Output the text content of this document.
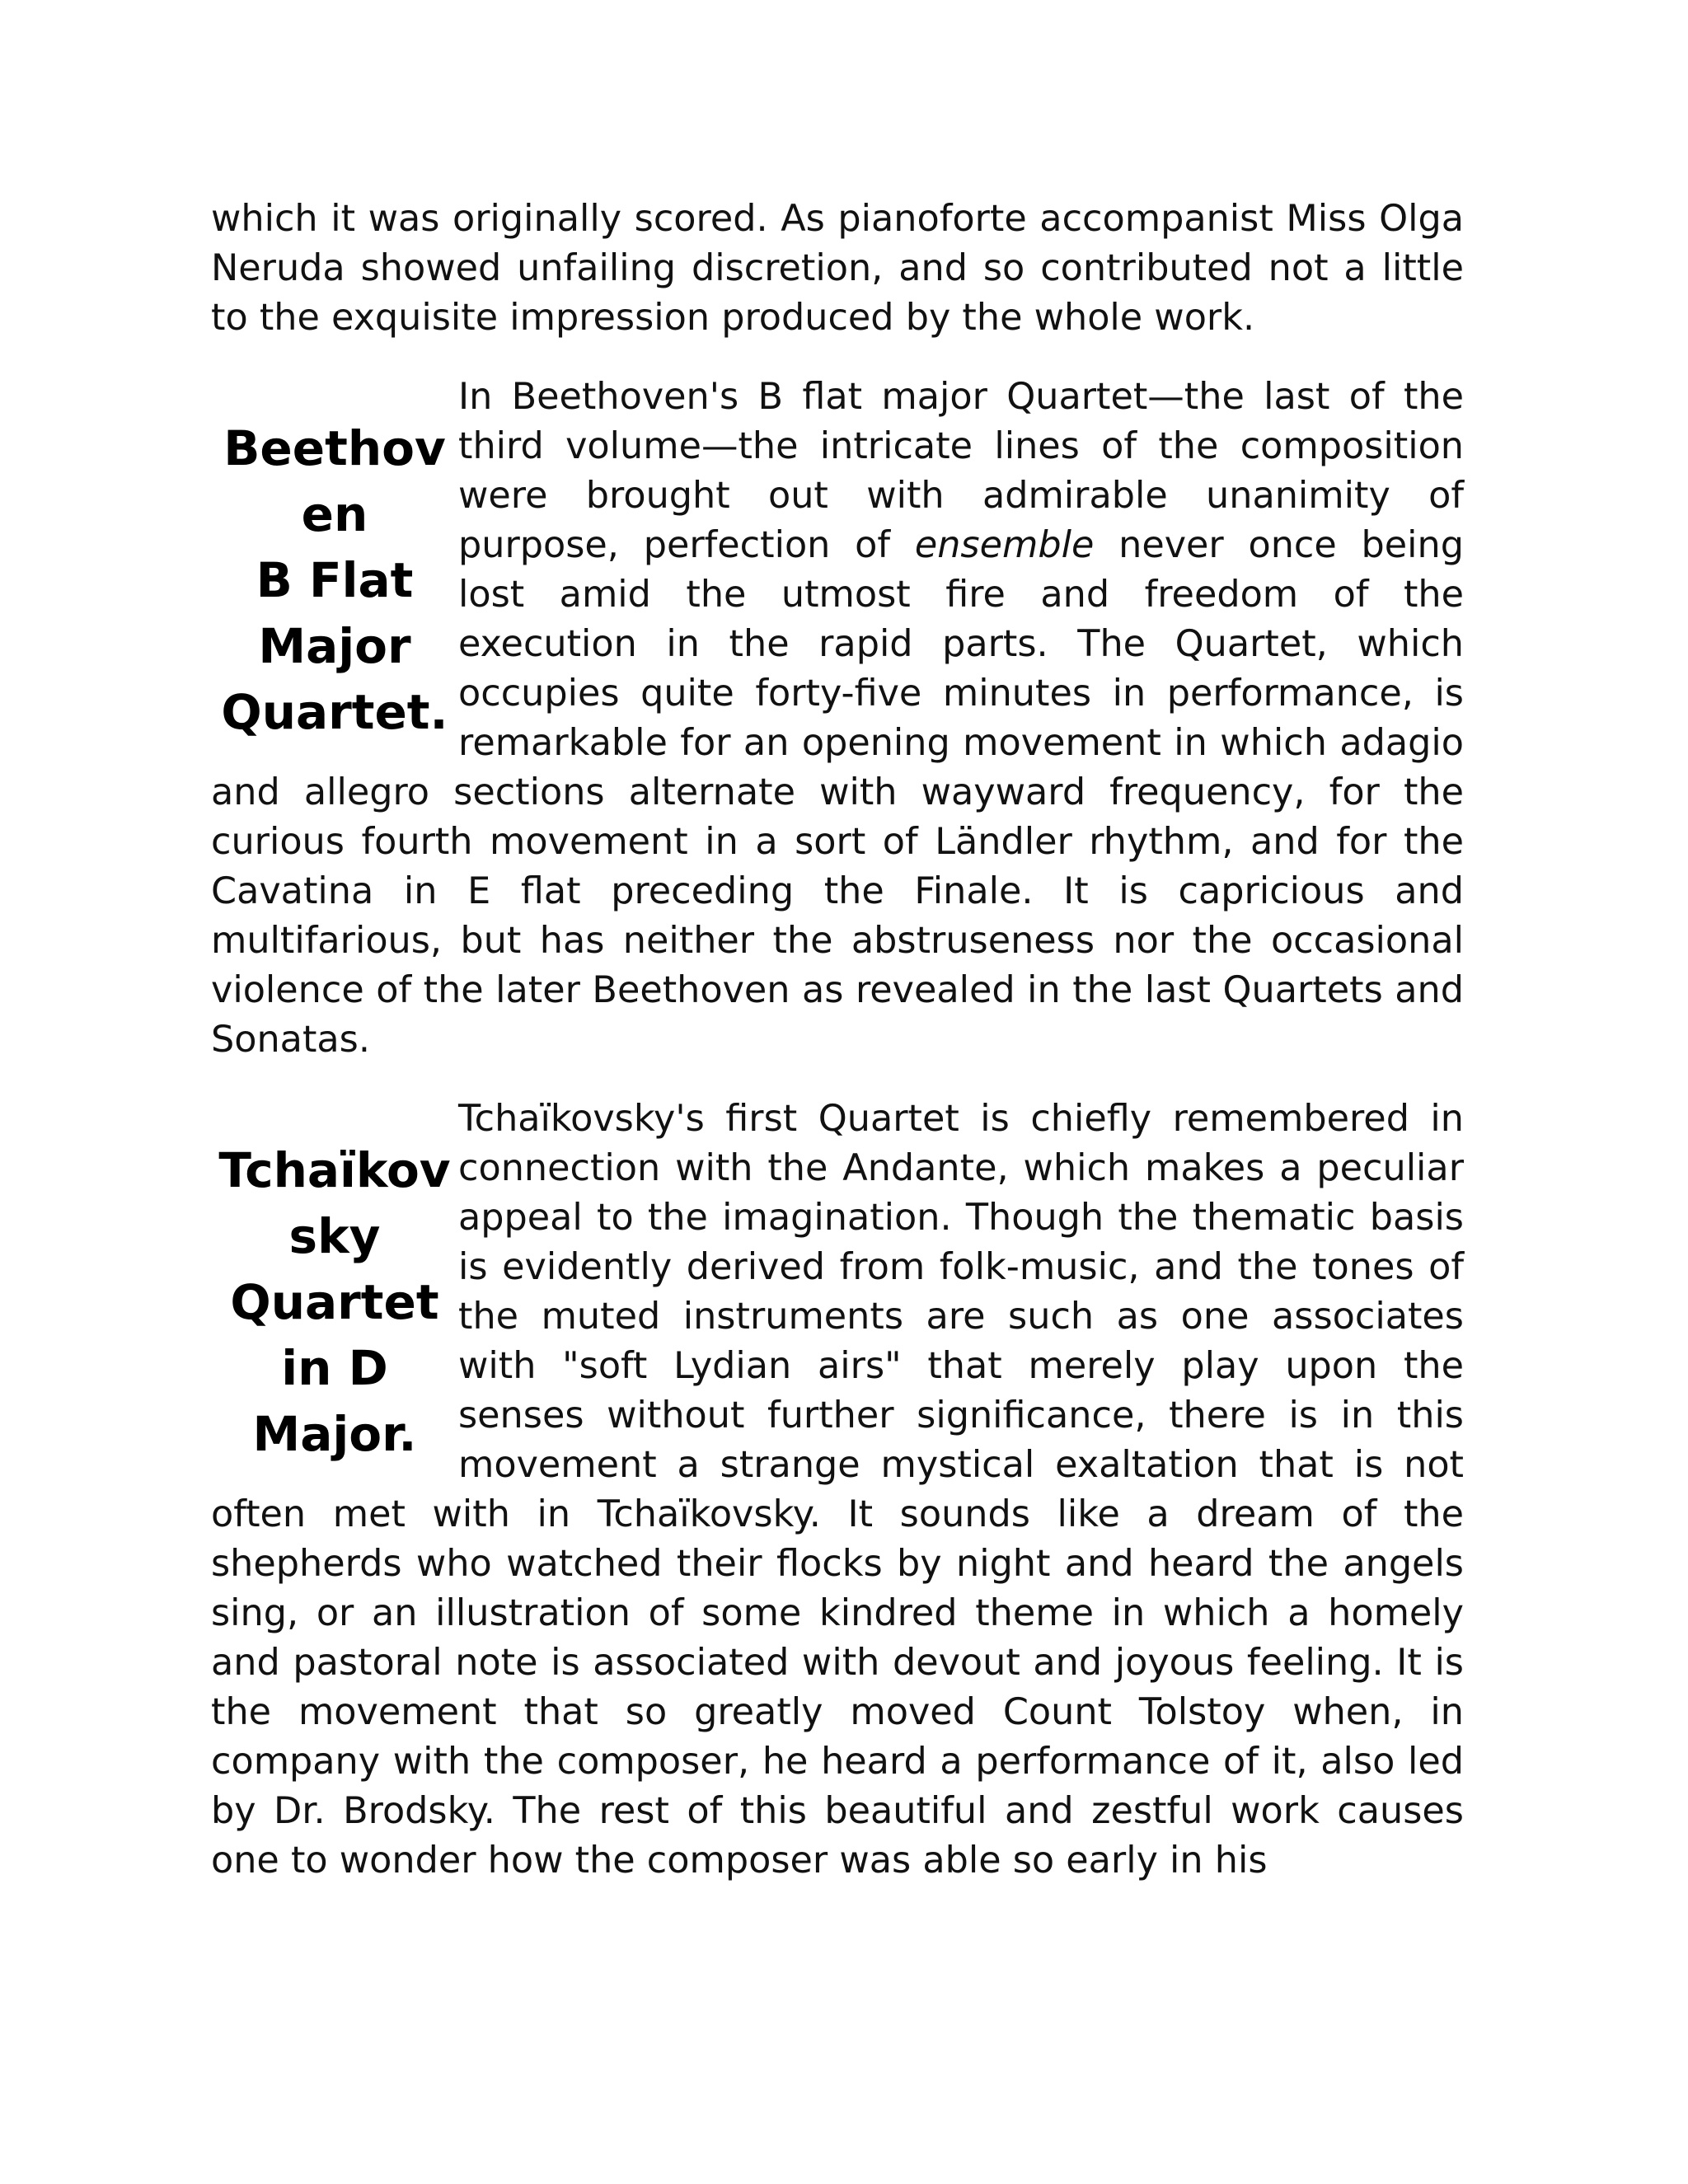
which it was originally scored. As pianoforte accompanist Miss Olga Neruda showed unfailing discretion, and so contributed not a little to the exquisite impression produced by the whole work.

Beethoven
B Flat
Major
Quartet.

In Beethoven's B flat major Quartet—the last of the third volume—the intricate lines of the composition were brought out with admirable unanimity of purpose, perfection of ensemble never once being lost amid the utmost fire and freedom of the execution in the rapid parts. The Quartet, which occupies quite forty-five minutes in performance, is remarkable for an opening movement in which adagio and allegro sections alternate with wayward frequency, for the curious fourth movement in a sort of Ländler rhythm, and for the Cavatina in E flat preceding the Finale. It is capricious and multifarious, but has neither the abstruseness nor the occasional violence of the later Beethoven as revealed in the last Quartets and Sonatas.

Tchaïkovsky
Quartet
in D
Major.

Tchaïkovsky's first Quartet is chiefly remembered in connection with the Andante, which makes a peculiar appeal to the imagination. Though the thematic basis is evidently derived from folk-music, and the tones of the muted instruments are such as one associates with "soft Lydian airs" that merely play upon the senses without further significance, there is in this movement a strange mystical exaltation that is not often met with in Tchaïkovsky. It sounds like a dream of the shepherds who watched their flocks by night and heard the angels sing, or an illustration of some kindred theme in which a homely and pastoral note is associated with devout and joyous feeling. It is the movement that so greatly moved Count Tolstoy when, in company with the composer, he heard a performance of it, also led by Dr. Brodsky. The rest of this beautiful and zestful work causes one to wonder how the composer was able so early in his
